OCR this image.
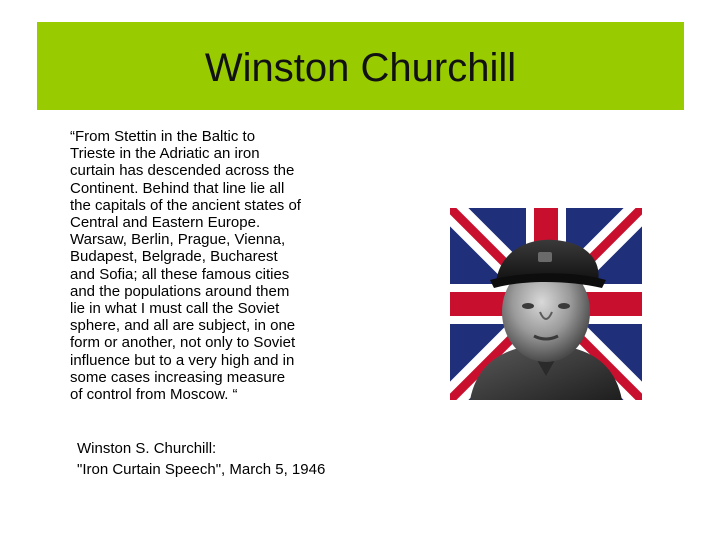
Winston Churchill
“From Stettin in the Baltic to
Trieste in the Adriatic an iron
curtain has descended across the
Continent. Behind that line lie all
the capitals of the ancient states of
Central and Eastern Europe.
Warsaw, Berlin, Prague, Vienna,
Budapest, Belgrade, Bucharest
and Sofia; all these famous cities
and the populations around them
lie in what I must call the Soviet
sphere, and all are subject, in one
form or another, not only to Soviet
influence but to a very high and in
some cases increasing measure
of control from Moscow. “
Winston S. Churchill:
"Iron Curtain Speech", March 5, 1946
